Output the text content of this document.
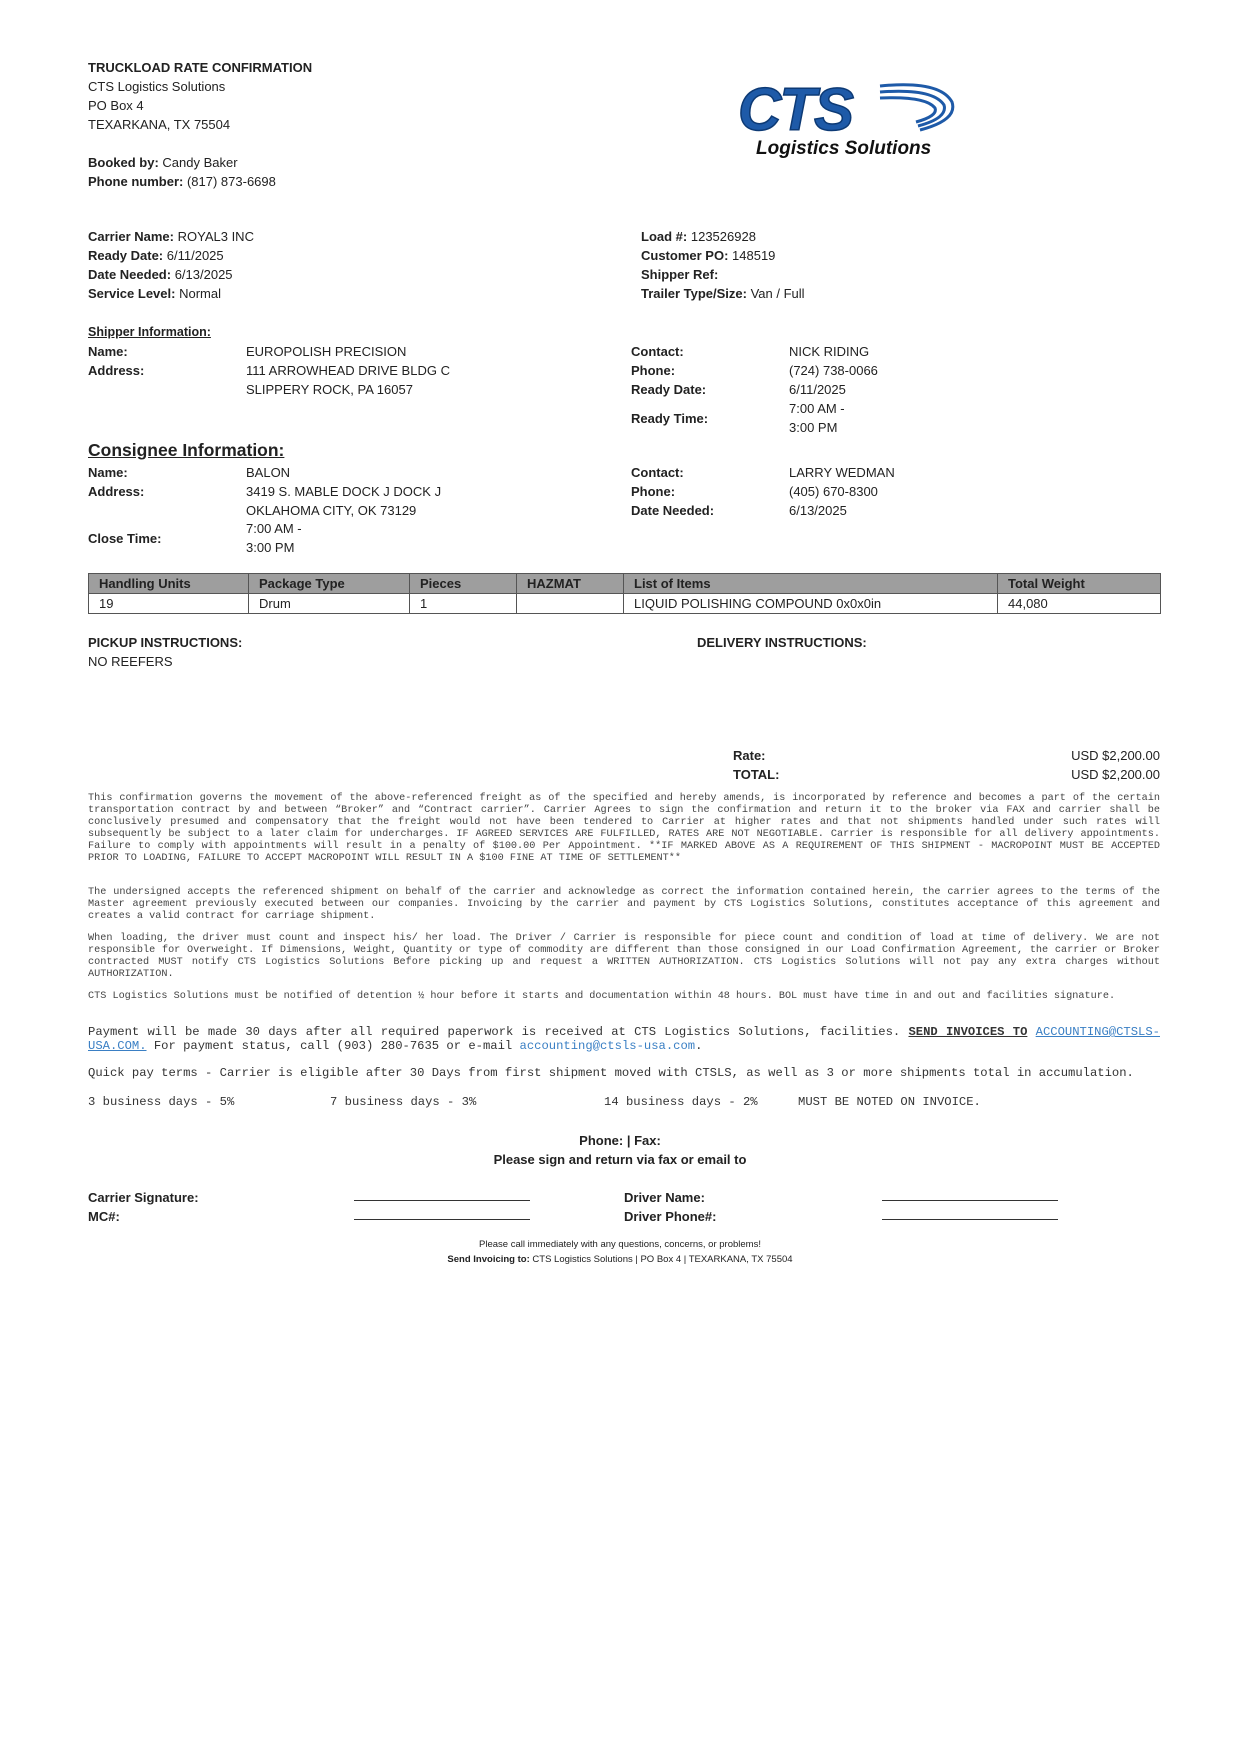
TRUCKLOAD RATE CONFIRMATION
CTS Logistics Solutions
PO Box 4
TEXARKANA, TX 75504
Booked by: Candy Baker
Phone number: (817) 873-6698
CTS
Logistics Solutions
Carrier Name: ROYAL3 INC
Ready Date: 6/11/2025
Date Needed: 6/13/2025
Service Level: Normal
Load #: 123526928
Customer PO: 148519
Shipper Ref:
Trailer Type/Size: Van / Full
Shipper Information:
Name:	EUROPOLISH PRECISION
Address:	111 ARROWHEAD DRIVE BLDG C
SLIPPERY ROCK, PA 16057
Contact:	NICK RIDING
Phone:	(724) 738-0066
Ready Date:	6/11/2025
Ready Time:
7:00 AM -
3:00 PM
Consignee Information:
Name:	BALON
Address:	3419 S. MABLE DOCK J DOCK J
OKLAHOMA CITY, OK 73129
Close Time:
7:00 AM -
3:00 PM
Contact:	LARRY WEDMAN
Phone:	(405) 670-8300
Date Needed:	6/13/2025
Handling Units	Package Type	Pieces	HAZMAT	List of Items	Total Weight
19	Drum	1		LIQUID POLISHING COMPOUND 0x0x0in	44,080
PICKUP INSTRUCTIONS:
NO REEFERS
DELIVERY INSTRUCTIONS:
Rate:	USD $2,200.00
TOTAL:	USD $2,200.00
This confirmation governs the movement of the above-referenced freight as of the specified and hereby amends, is incorporated by reference and becomes a part of the certain transportation contract by and between “Broker” and “Contract carrier”. Carrier Agrees to sign the confirmation and return it to the broker via FAX and carrier shall be conclusively presumed and compensatory that the freight would not have been tendered to Carrier at higher rates and that not shipments handled under such rates will subsequently be subject to a later claim for undercharges. IF AGREED SERVICES ARE FULFILLED, RATES ARE NOT NEGOTIABLE. Carrier is responsible for all delivery appointments. Failure to comply with appointments will result in a penalty of $100.00 Per Appointment. **IF MARKED ABOVE AS A REQUIREMENT OF THIS SHIPMENT - MACROPOINT MUST BE ACCEPTED PRIOR TO LOADING, FAILURE TO ACCEPT MACROPOINT WILL RESULT IN A $100 FINE AT TIME OF SETTLEMENT**
The undersigned accepts the referenced shipment on behalf of the carrier and acknowledge as correct the information contained herein, the carrier agrees to the terms of the Master agreement previously executed between our companies. Invoicing by the carrier and payment by CTS Logistics Solutions, constitutes acceptance of this agreement and creates a valid contract for carriage shipment.
When loading, the driver must count and inspect his/ her load. The Driver / Carrier is responsible for piece count and condition of load at time of delivery. We are not responsible for Overweight. If Dimensions, Weight, Quantity or type of commodity are different than those consigned in our Load Confirmation Agreement, the carrier or Broker contracted MUST notify CTS Logistics Solutions Before picking up and request a WRITTEN AUTHORIZATION. CTS Logistics Solutions will not pay any extra charges without AUTHORIZATION.
CTS Logistics Solutions must be notified of detention ½ hour before it starts and documentation within 48 hours. BOL must have time in and out and facilities signature.
Payment will be made 30 days after all required paperwork is received at CTS Logistics Solutions, facilities. SEND INVOICES TO ACCOUNTING@CTSLS-USA.COM. For payment status, call (903) 280-7635 or e-mail accounting@ctsls-usa.com.
Quick pay terms - Carrier is eligible after 30 Days from first shipment moved with CTSLS, as well as 3 or more shipments total in accumulation.
3 business days - 5%	7 business days - 3%	14 business days - 2%	MUST BE NOTED ON INVOICE.
Phone: | Fax:
Please sign and return via fax or email to
Carrier Signature:
MC#:
Driver Name:
Driver Phone#:
Please call immediately with any questions, concerns, or problems!
Send Invoicing to: CTS Logistics Solutions | PO Box 4 | TEXARKANA, TX 75504
